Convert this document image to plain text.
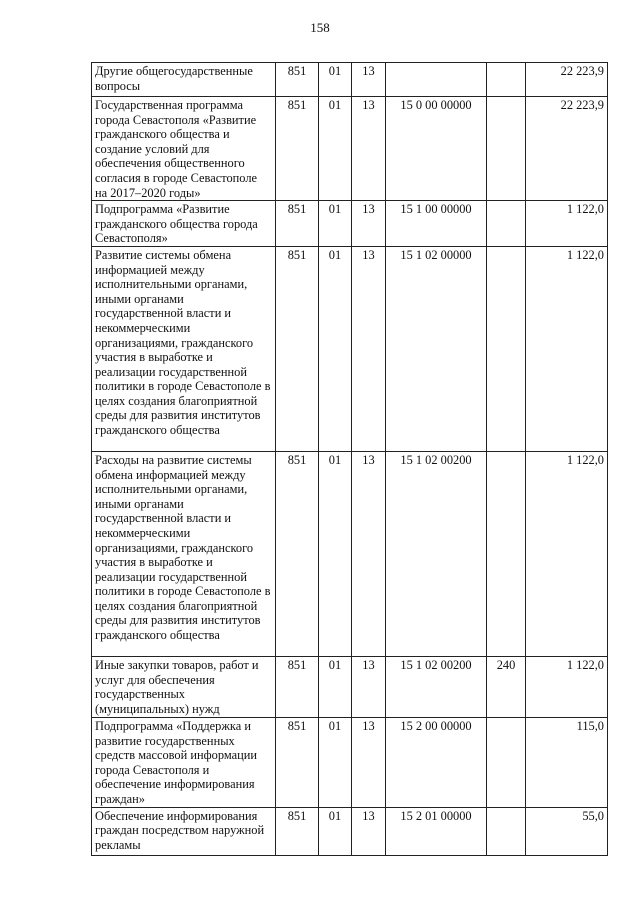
158
Другие общегосударственные вопросы	851	01	13			22 223,9
Государственная программа города Севастополя «Развитие гражданского общества и создание условий для обеспечения общественного согласия в городе Севастополе на 2017–2020 годы»	851	01	13	15 0 00 00000		22 223,9
Подпрограмма «Развитие гражданского общества города Севастополя»	851	01	13	15 1 00 00000		1 122,0
Развитие системы обмена информацией между исполнительными органами, иными органами государственной власти и некоммерческими организациями, гражданского участия в выработке и реализации государственной политики в городе Севастополе в целях создания благоприятной среды для развития институтов гражданского общества	851	01	13	15 1 02 00000		1 122,0
Расходы на развитие системы обмена информацией между исполнительными органами, иными органами государственной власти и некоммерческими организациями, гражданского участия в выработке и реализации государственной политики в городе Севастополе в целях создания благоприятной среды для развития институтов гражданского общества	851	01	13	15 1 02 00200		1 122,0
Иные закупки товаров, работ и услуг для обеспечения государственных (муниципальных) нужд	851	01	13	15 1 02 00200	240	1 122,0
Подпрограмма «Поддержка и развитие государственных средств массовой информации города Севастополя и обеспечение информирования граждан»	851	01	13	15 2 00 00000		115,0
Обеспечение информирования граждан посредством наружной рекламы	851	01	13	15 2 01 00000		55,0
